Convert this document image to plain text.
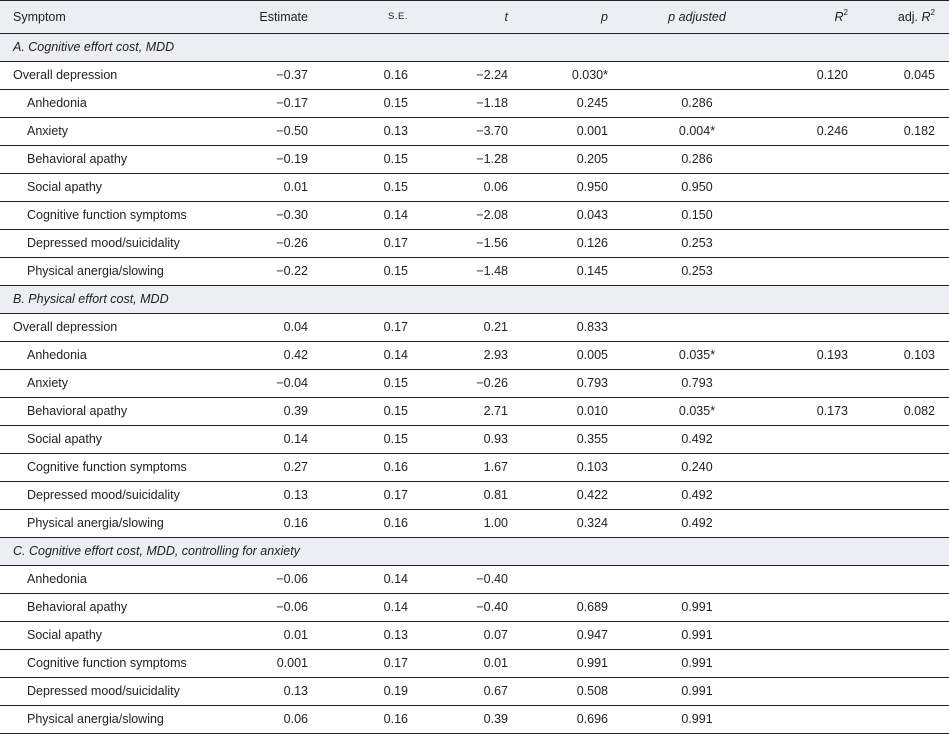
Symptom	Estimate	S.E.	t	p	p adjusted	$R^2$	adj. $R^2$
A. Cognitive effort cost, MDD							
Overall depression	−0.37	0.16	−2.24	0.030*		0.120	0.045
Anhedonia	−0.17	0.15	−1.18	0.245	0.286		
Anxiety	−0.50	0.13	−3.70	0.001	0.004*	0.246	0.182
Behavioral apathy	−0.19	0.15	−1.28	0.205	0.286		
Social apathy	0.01	0.15	0.06	0.950	0.950		
Cognitive function symptoms	−0.30	0.14	−2.08	0.043	0.150		
Depressed mood/suicidality	−0.26	0.17	−1.56	0.126	0.253		
Physical anergia/slowing	−0.22	0.15	−1.48	0.145	0.253		
B. Physical effort cost, MDD							
Overall depression	0.04	0.17	0.21	0.833			
Anhedonia	0.42	0.14	2.93	0.005	0.035*	0.193	0.103
Anxiety	−0.04	0.15	−0.26	0.793	0.793		
Behavioral apathy	0.39	0.15	2.71	0.010	0.035*	0.173	0.082
Social apathy	0.14	0.15	0.93	0.355	0.492		
Cognitive function symptoms	0.27	0.16	1.67	0.103	0.240		
Depressed mood/suicidality	0.13	0.17	0.81	0.422	0.492		
Physical anergia/slowing	0.16	0.16	1.00	0.324	0.492		
C. Cognitive effort cost, MDD, controlling for anxiety							
Anhedonia	−0.06	0.14	−0.40				
Behavioral apathy	−0.06	0.14	−0.40	0.689	0.991		
Social apathy	0.01	0.13	0.07	0.947	0.991		
Cognitive function symptoms	0.001	0.17	0.01	0.991	0.991		
Depressed mood/suicidality	0.13	0.19	0.67	0.508	0.991		
Physical anergia/slowing	0.06	0.16	0.39	0.696	0.991		
